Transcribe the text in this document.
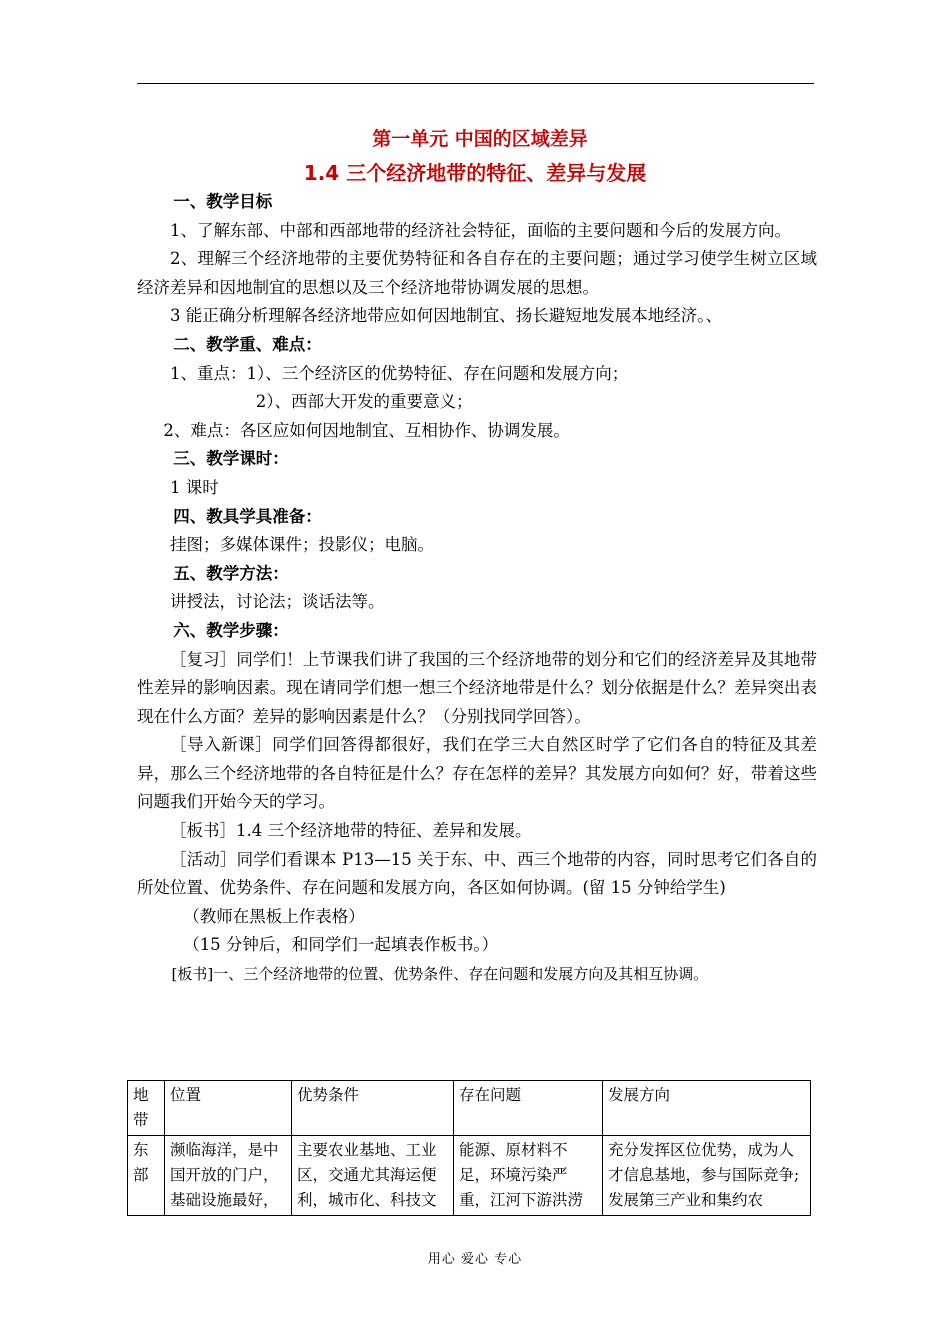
第一单元 中国的区域差异
1.4 三个经济地带的特征、差异与发展

一、教学目标

1、了解东部、中部和西部地带的经济社会特征，面临的主要问题和今后的发展方向。

2、理解三个经济地带的主要优势特征和各自存在的主要问题；通过学习使学生树立区域经济差异和因地制宜的思想以及三个经济地带协调发展的思想。

3 能正确分析理解各经济地带应如何因地制宜、扬长避短地发展本地经济。、

二、教学重、难点：

1、重点：1）、三个经济区的优势特征、存在问题和发展方向；

2）、西部大开发的重要意义；

2、难点：各区应如何因地制宜、互相协作、协调发展。

三、教学课时：

1 课时

四、教具学具准备：

挂图；多媒体课件；投影仪；电脑。

五、教学方法：

讲授法，讨论法；谈话法等。

六、教学步骤：

［复习］同学们！上节课我们讲了我国的三个经济地带的划分和它们的经济差异及其地带性差异的影响因素。现在请同学们想一想三个经济地带是什么？划分依据是什么？差异突出表现在什么方面？差异的影响因素是什么？（分别找同学回答）。

［导入新课］同学们回答得都很好，我们在学三大自然区时学了它们各自的特征及其差异，那么三个经济地带的各自特征是什么？存在怎样的差异？其发展方向如何？好，带着这些问题我们开始今天的学习。

［板书］1.4 三个经济地带的特征、差异和发展。

［活动］同学们看课本 P13—15 关于东、中、西三个地带的内容，同时思考它们各自的所处位置、优势条件、存在问题和发展方向，各区如何协调。(留 15 分钟给学生)

（教师在黑板上作表格）

（15 分钟后，和同学们一起填表作板书。）

[板书]一、三个经济地带的位置、优势条件、存在问题和发展方向及其相互协调。

地带	位置	优势条件	存在问题	发展方向
东部	濒临海洋，是中国开放的门户，基础设施最好，	主要农业基地、工业区，交通尤其海运便利，城市化、科技文	能源、原材料不足，环境污染严重，江河下游洪涝	充分发挥区位优势，成为人才信息基地，参与国际竞争;发展第三产业和集约农
用心 爱心 专心
